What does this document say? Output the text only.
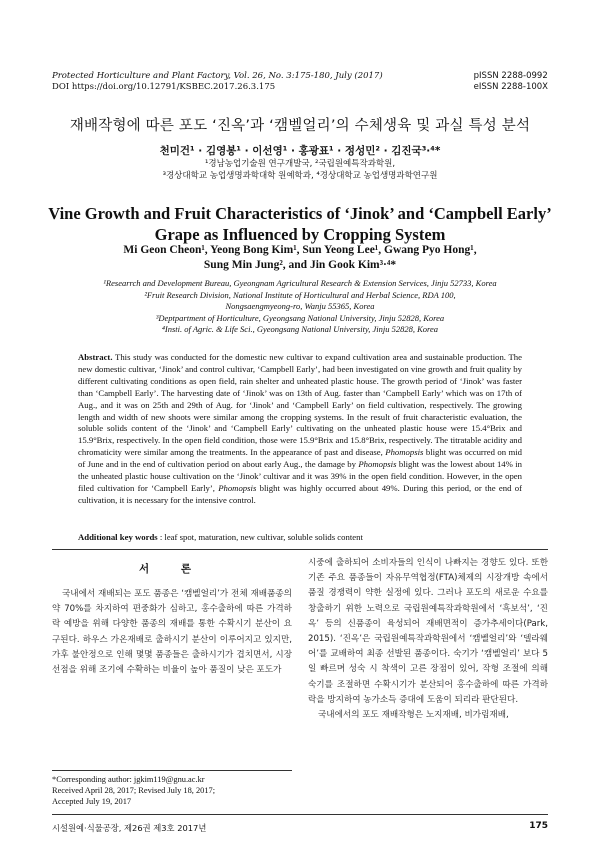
Protected Horticulture and Plant Factory, Vol. 26, No. 3:175-180, July (2017)
DOI https://doi.org/10.12791/KSBEC.2017.26.3.175
pISSN 2288-0992
eISSN 2288-100X
재배작형에 따른 포도 ‘진옥’과 ‘캠벨얼리’의 수체생육 및 과실 특성 분석
천미건¹ · 김영봉¹ · 이선영¹ · 홍광표¹ · 정성민² · 김진국³·⁴*
¹경남농업기술원 연구개발국, ²국립원예특작과학원,
³경상대학교 농업생명과학대학 원예학과, ⁴경상대학교 농업생명과학연구원
Vine Growth and Fruit Characteristics of ‘Jinok’ and ‘Campbell Early’
Grape as Influenced by Cropping System
Mi Geon Cheon¹, Yeong Bong Kim¹, Sun Yeong Lee¹, Gwang Pyo Hong¹,
Sung Min Jung², and Jin Gook Kim³·⁴*
¹Researrch and Development Bureau, Gyeongnam Agricultural Research & Extension Services, Jinju 52733, Korea
²Fruit Research Division, National Institute of Horticultural and Herbal Science, RDA 100,
Nongsaengmyeong-ro, Wanju 55365, Korea
³Deptpartment of Horticulture, Gyeongsang National University, Jinju 52828, Korea
⁴Insti. of Agric. & Life Sci., Gyeongsang National University, Jinju 52828, Korea
Abstract. This study was conducted for the domestic new cultivar to expand cultivation area and sustainable production. The new domestic cultivar, ‘Jinok’ and control cultivar, ‘Campbell Early’, had been investigated on vine growth and fruit quality by different cultivating conditions as open field, rain shelter and unheated plastic house. The growth period of ‘Jinok’ was faster than ‘Campbell Early’. The harvesting date of ‘Jinok’ was on 13th of Aug. faster than ‘Campbell Early’ which was on 17th of Aug., and it was on 25th and 29th of Aug. for ‘Jinok’ and ‘Campbell Early’ on field cultivation, respectively. The growing length and width of new shoots were similar among the cropping systems. In the result of fruit characteristic evaluation, the soluble solids content of the ‘Jinok’ and ‘Campbell Early’ cultivating on the unheated plastic house were 15.4°Brix and 15.9°Brix, respectively. In the open field condition, those were 15.9°Brix and 15.8°Brix, respectively. The titratable acidity and chromaticity were similar among the treatments. In the appearance of past and disease, Phomopsis blight was occurred on mid of June and in the end of cultivation period on about early Aug., the damage by Phomopsis blight was the lowest about 14% in the unheated plastic house cultivation on the ‘Jinok’ cultivar and it was 39% in the open field condition. However, in the open filed cultivation for ‘Campbell Early’, Phomopsis blight was highly occurred about 49%. During this period, or the end of cultivation, it is necessary for the intensive control.
Additional key words : leaf spot, maturation, new cultivar, soluble solids content
서 론

국내에서 재배되는 포도 품종은 ‘캠벨얼리’가 전체 재배품종의 약 70%를 차지하여 편중화가 심하고, 홍수출하에 따른 가격하락 예방을 위해 다양한 품종의 재배를 통한 수확시기 분산이 요구된다. 하우스 가온재배로 출하시기 분산이 이루어지고 있지만, 가후 불안정으로 인해 몇몇 품종들은 출하시기가 겹치면서, 시장 선점을 위해 조기에 수확하는 비율이 높아 품질이 낮은 포도가

시중에 출하되어 소비자들의 인식이 나빠지는 경향도 있다. 또한 기존 주요 품종들이 자유무역협정(FTA)체제의 시장개방 속에서 품질 경쟁력이 약한 실정에 있다. 그러나 포도의 새로운 수요를 창출하기 위한 노력으로 국립원예특작과학원에서 ‘흑보석’, ‘진옥’ 등의 신품종이 육성되어 재배면적이 증가추세이다(Park, 2015). ‘진옥’은 국립원예특작과학원에서 ‘캠벨얼리’와 ‘델라웨어’를 교배하여 최종 선발된 품종이다. 숙기가 ‘캠벨얼리’ 보다 5일 빠르며 성숙 시 착색이 고른 장점이 있어, 작형 조절에 의해 숙기를 조절하면 수확시기가 분산되어 홍수출하에 따른 가격하락을 방지하여 농가소득 증대에 도움이 되리라 판단된다.

국내에서의 포도 재배작형은 노지재배, 비가림재배,

*Corresponding author: jgkim119@gnu.ac.kr
Received April 28, 2017; Revised July 18, 2017;
Accepted July 19, 2017
시설원예·식물공장, 제26권 제3호 2017년	175
